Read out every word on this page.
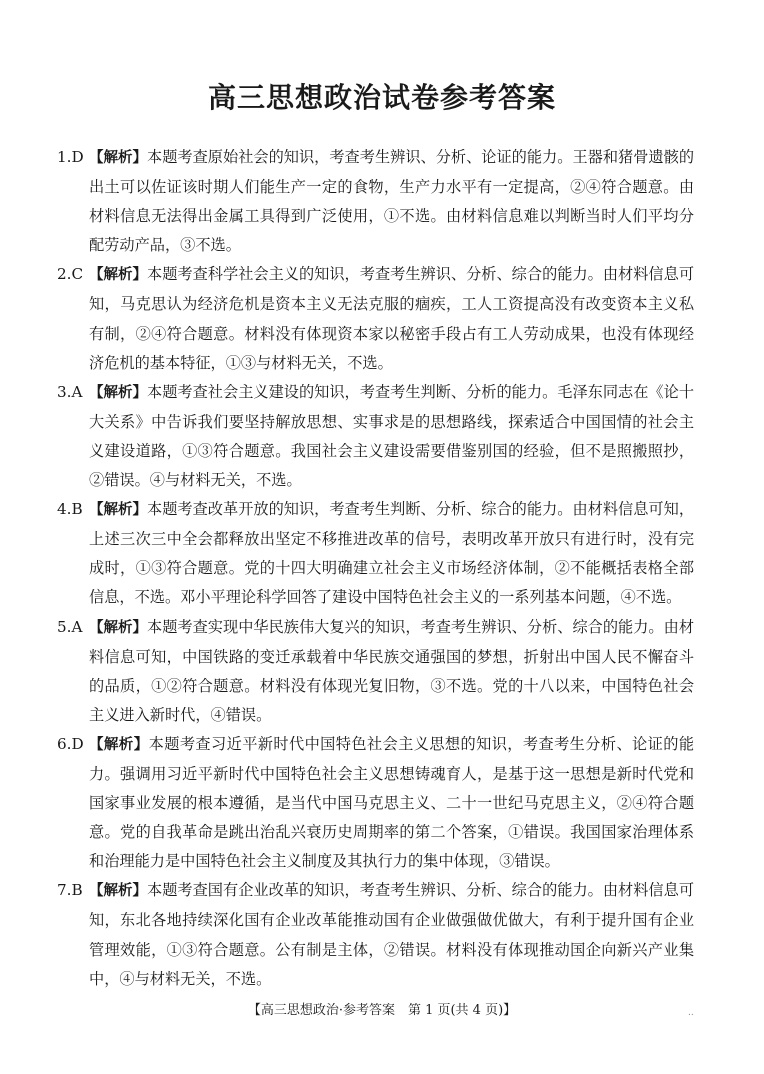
高三思想政治试卷参考答案

1.D 【解析】本题考查原始社会的知识，考查考生辨识、分析、论证的能力。王器和猪骨遗骸的出土可以佐证该时期人们能生产一定的食物，生产力水平有一定提高，②④符合题意。由材料信息无法得出金属工具得到广泛使用，①不选。由材料信息难以判断当时人们平均分配劳动产品，③不选。

2.C 【解析】本题考查科学社会主义的知识，考查考生辨识、分析、综合的能力。由材料信息可知，马克思认为经济危机是资本主义无法克服的痼疾，工人工资提高没有改变资本主义私有制，②④符合题意。材料没有体现资本家以秘密手段占有工人劳动成果，也没有体现经济危机的基本特征，①③与材料无关，不选。

3.A 【解析】本题考查社会主义建设的知识，考查考生判断、分析的能力。毛泽东同志在《论十大关系》中告诉我们要坚持解放思想、实事求是的思想路线，探索适合中国国情的社会主义建设道路，①③符合题意。我国社会主义建设需要借鉴别国的经验，但不是照搬照抄，②错误。④与材料无关，不选。

4.B 【解析】本题考查改革开放的知识，考查考生判断、分析、综合的能力。由材料信息可知，上述三次三中全会都释放出坚定不移推进改革的信号，表明改革开放只有进行时，没有完成时，①③符合题意。党的十四大明确建立社会主义市场经济体制，②不能概括表格全部信息，不选。邓小平理论科学回答了建设中国特色社会主义的一系列基本问题，④不选。

5.A 【解析】本题考查实现中华民族伟大复兴的知识，考查考生辨识、分析、综合的能力。由材料信息可知，中国铁路的变迁承载着中华民族交通强国的梦想，折射出中国人民不懈奋斗的品质，①②符合题意。材料没有体现光复旧物，③不选。党的十八以来，中国特色社会主义进入新时代，④错误。

6.D 【解析】本题考查习近平新时代中国特色社会主义思想的知识，考查考生分析、论证的能力。强调用习近平新时代中国特色社会主义思想铸魂育人，是基于这一思想是新时代党和国家事业发展的根本遵循，是当代中国马克思主义、二十一世纪马克思主义，②④符合题意。党的自我革命是跳出治乱兴衰历史周期率的第二个答案，①错误。我国国家治理体系和治理能力是中国特色社会主义制度及其执行力的集中体现，③错误。

7.B 【解析】本题考查国有企业改革的知识，考查考生辨识、分析、综合的能力。由材料信息可知，东北各地持续深化国有企业改革能推动国有企业做强做优做大，有利于提升国有企业管理效能，①③符合题意。公有制是主体，②错误。材料没有体现推动国企向新兴产业集中，④与材料无关，不选。

【高三思想政治·参考答案　第 1 页(共 4 页)】	..
